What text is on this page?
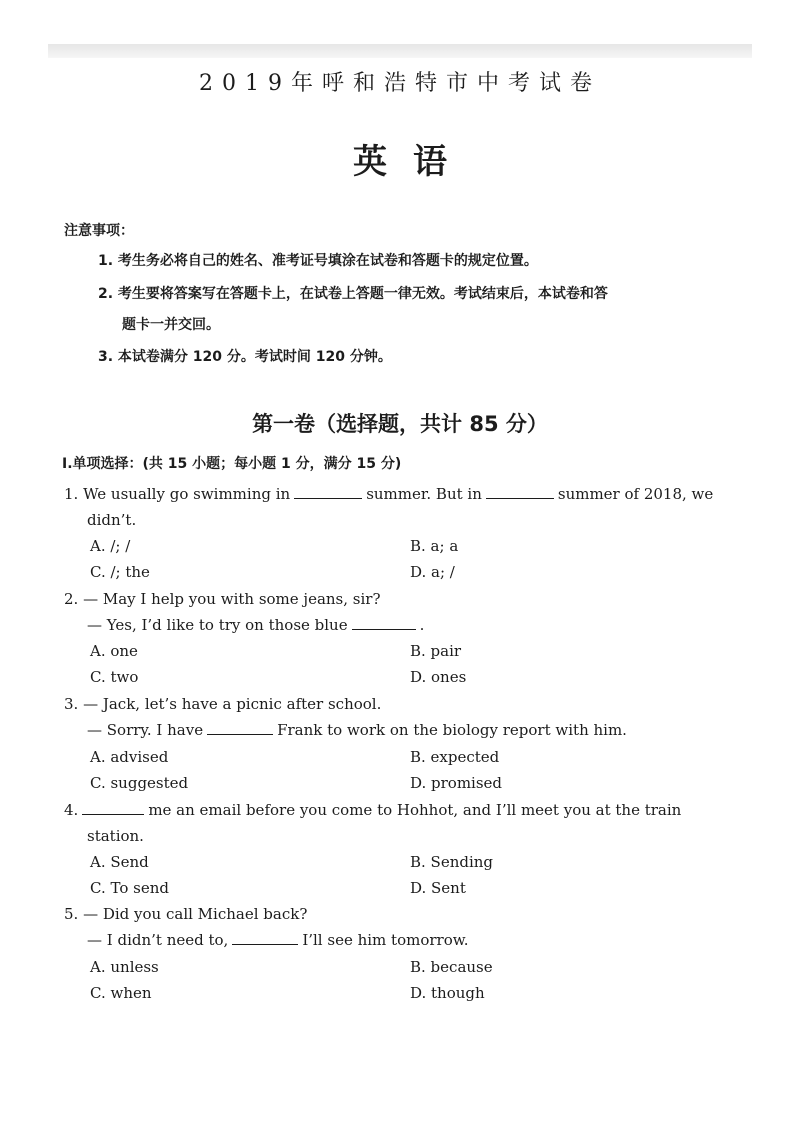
2019年呼和浩特市中考试卷
英语
注意事项：
1. 考生务必将自己的姓名、准考证号填涂在试卷和答题卡的规定位置。
2. 考生要将答案写在答题卡上，在试卷上答题一律无效。考试结束后，本试卷和答
题卡一并交回。
3. 本试卷满分 120 分。考试时间 120 分钟。
第一卷（选择题，共计 85 分）
Ⅰ.单项选择：(共 15 小题；每小题 1 分，满分 15 分)
1. We usually go swimming in	summer. But in	summer of 2018, we
didn’t.
A. /; /	B. a; a
C. /; the	D. a; /
2. — May I help you with some jeans, sir?
— Yes, I’d like to try on those blue	.
A. one	B. pair
C. two	D. ones
3. — Jack, let’s have a picnic after school.
— Sorry. I have	Frank to work on the biology report with him.
A. advised	B. expected
C. suggested	D. promised
4.	me an email before you come to Hohhot, and I’ll meet you at the train
station.
A. Send	B. Sending
C. To send	D. Sent
5. — Did you call Michael back?
— I didn’t need to,	I’ll see him tomorrow.
A. unless	B. because
C. when	D. though
